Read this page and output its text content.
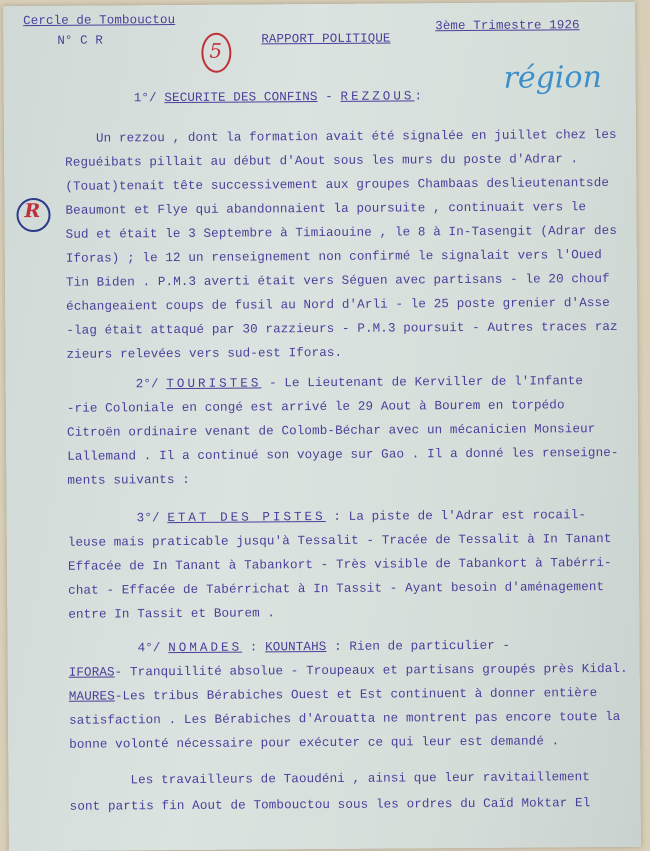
Cercle de Tombouctou
N° C R	RAPPORT POLITIQUE
3ème Trimestre 1926
5
région
R
1°/ SECURITE DES CONFINS - REZZOUS:
Un rezzou , dont la formation avait été signalée en juillet chez les
Reguéibats pillait au début d'Aout sous les murs du poste d'Adrar .
(Touat)tenait tête successivement aux groupes Chambaas deslieutenantsde
Beaumont et Flye qui abandonnaient la poursuite , continuait vers le
Sud et était le 3 Septembre à Timiaouine , le 8 à In-Tasengit (Adrar des
Iforas) ; le 12 un renseignement non confirmé le signalait vers l'Oued
Tin Biden . P.M.3 averti était vers Séguen avec partisans - le 20 chouf
échangeaient coups de fusil au Nord d'Arli - le 25 poste grenier d'Asse
-lag était attaqué par 30 razzieurs - P.M.3 poursuit - Autres traces raz
zieurs relevées vers sud-est Iforas.
2°/ TOURISTES - Le Lieutenant de Kerviller de l'Infante
-rie Coloniale en congé est arrivé le 29 Aout à Bourem en torpédo
Citroën ordinaire venant de Colomb-Béchar avec un mécanicien Monsieur
Lallemand . Il a continué son voyage sur Gao . Il a donné les renseigne-
ments suivants :
3°/ ETAT DES PISTES : La piste de l'Adrar est rocail-
leuse mais praticable jusqu'à Tessalit - Tracée de Tessalit à In Tanant
Effacée de In Tanant à Tabankort - Très visible de Tabankort à Tabérri-
chat - Effacée de Tabérrichat à In Tassit - Ayant besoin d'aménagement
entre In Tassit et Bourem .
4°/ NOMADES : KOUNTAHS : Rien de particulier -
IFORAS- Tranquillité absolue - Troupeaux et partisans groupés près Kidal.
MAURES-Les tribus Bérabiches Ouest et Est continuent à donner entière
satisfaction . Les Bérabiches d'Arouatta ne montrent pas encore toute la
bonne volonté nécessaire pour exécuter ce qui leur est demandé .
Les travailleurs de Taoudéni , ainsi que leur ravitaillement
sont partis fin Aout de Tombouctou sous les ordres du Caïd Moktar El
